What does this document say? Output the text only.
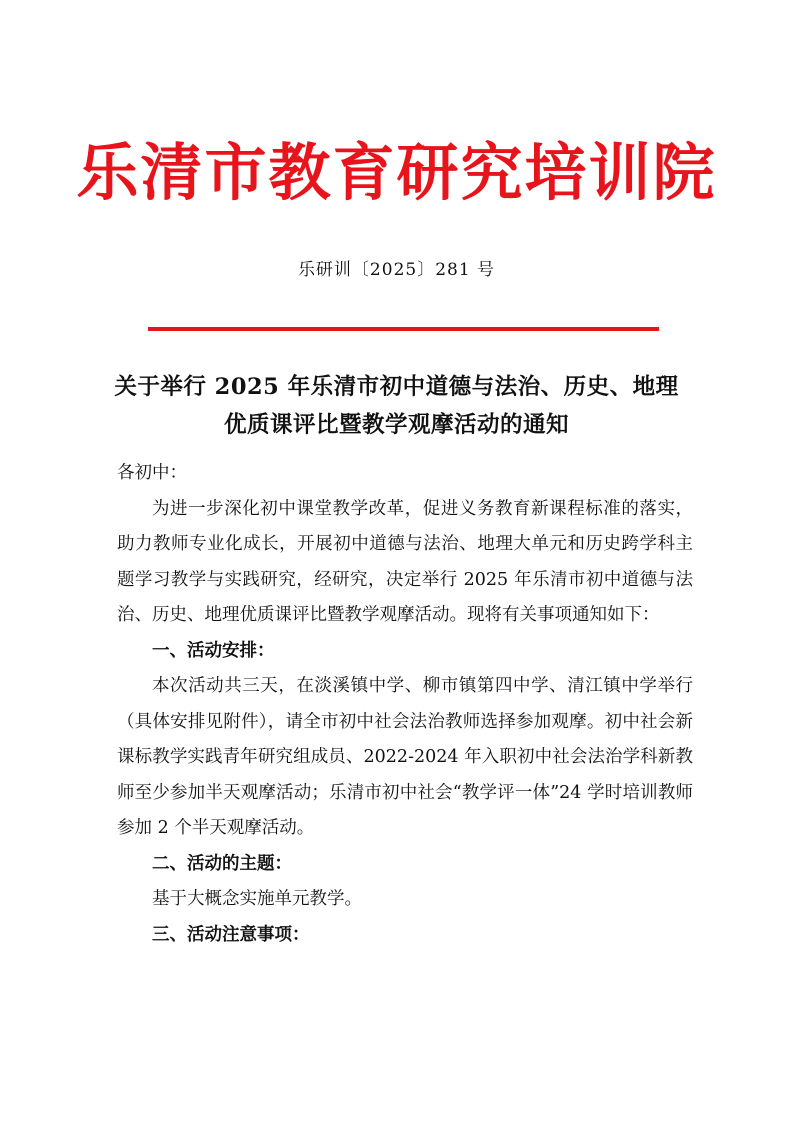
乐清市教育研究培训院
乐研训〔2025〕281 号
关于举行 2025 年乐清市初中道德与法治、历史、地理
优质课评比暨教学观摩活动的通知

各初中：

为进一步深化初中课堂教学改革，促进义务教育新课程标准的落实，助力教师专业化成长，开展初中道德与法治、地理大单元和历史跨学科主题学习教学与实践研究，经研究，决定举行 2025 年乐清市初中道德与法治、历史、地理优质课评比暨教学观摩活动。现将有关事项通知如下：

一、活动安排：

本次活动共三天，在淡溪镇中学、柳市镇第四中学、清江镇中学举行（具体安排见附件），请全市初中社会法治教师选择参加观摩。初中社会新课标教学实践青年研究组成员、2022-2024 年入职初中社会法治学科新教师至少参加半天观摩活动；乐清市初中社会“教学评一体”24 学时培训教师参加 2 个半天观摩活动。

二、活动的主题：

基于大概念实施单元教学。

三、活动注意事项：
